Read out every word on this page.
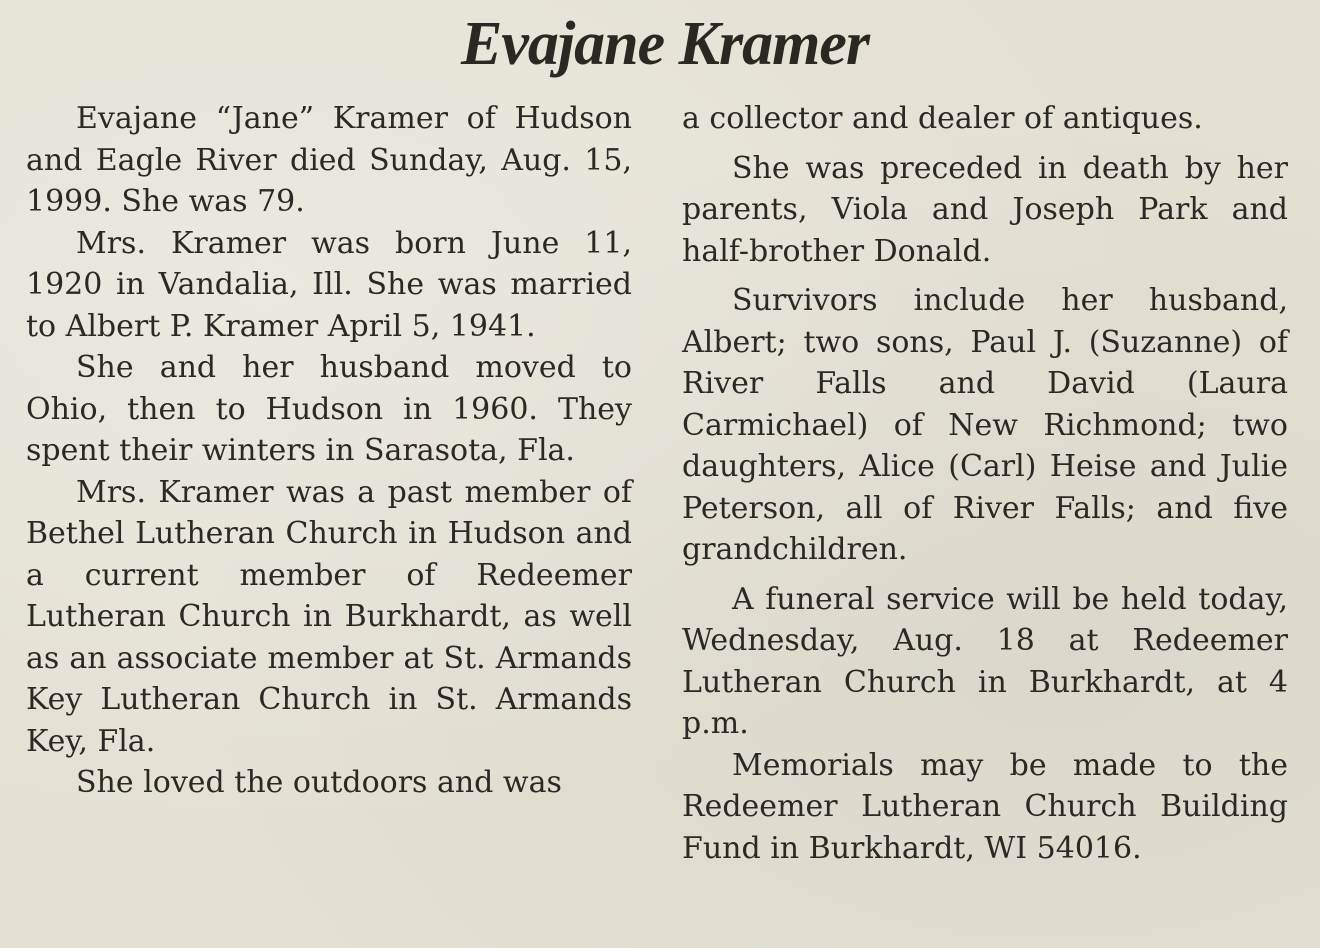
Evajane Kramer

Evajane “Jane” Kramer of Hudson and Eagle River died Sunday, Aug. 15, 1999. She was 79.

Mrs. Kramer was born June 11, 1920 in Vandalia, Ill. She was married to Albert P. Kramer April 5, 1941.

She and her husband moved to Ohio, then to Hudson in 1960. They spent their winters in Sarasota, Fla.

Mrs. Kramer was a past member of Bethel Lutheran Church in Hudson and a current member of Redeemer Lutheran Church in Burkhardt, as well as an associate member at St. Armands Key Lutheran Church in St. Armands Key, Fla.

She loved the outdoors and was

a collector and dealer of antiques.

She was preceded in death by her parents, Viola and Joseph Park and half-brother Donald.

Survivors include her husband, Albert; two sons, Paul J. (Suzanne) of River Falls and David (Laura Carmichael) of New Richmond; two daughters, Alice (Carl) Heise and Julie Peterson, all of River Falls; and five grandchildren.

A funeral service will be held today, Wednesday, Aug. 18 at Redeemer Lutheran Church in Burkhardt, at 4 p.m.

Memorials may be made to the Redeemer Lutheran Church Building Fund in Burkhardt, WI 54016.
